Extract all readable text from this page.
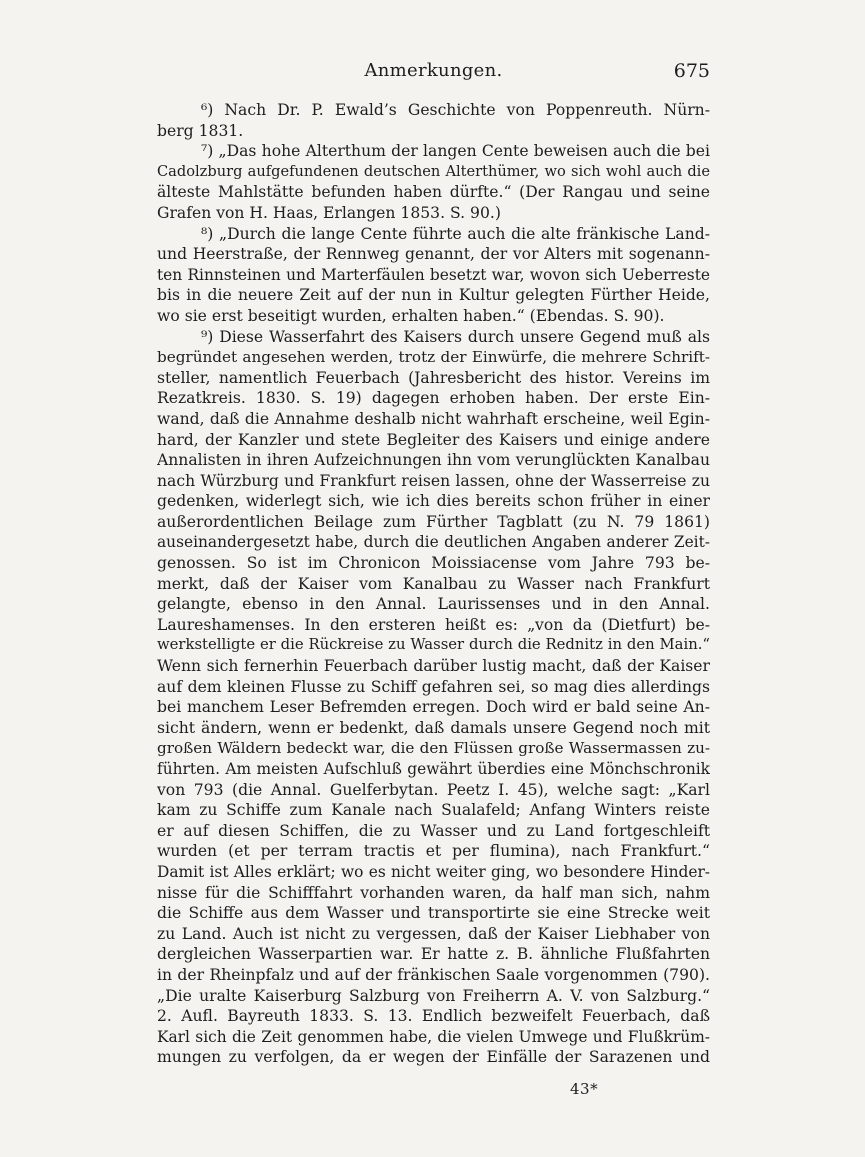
Anmerkungen.	675
⁶) Nach Dr. P. Ewald’s Geschichte von Poppenreuth. Nürn-
berg 1831.
⁷) „Das hohe Alterthum der langen Cente beweisen auch die bei
Cadolzburg aufgefundenen deutschen Alterthümer, wo sich wohl auch die
älteste Mahlstätte befunden haben dürfte.“ (Der Rangau und seine
Grafen von H. Haas, Erlangen 1853. S. 90.)
⁸) „Durch die lange Cente führte auch die alte fränkische Land-
und Heerstraße, der Rennweg genannt, der vor Alters mit sogenann-
ten Rinnsteinen und Marterfäulen besetzt war, wovon sich Ueberreste
bis in die neuere Zeit auf der nun in Kultur gelegten Fürther Heide,
wo sie erst beseitigt wurden, erhalten haben.“ (Ebendas. S. 90).
⁹) Diese Wasserfahrt des Kaisers durch unsere Gegend muß als
begründet angesehen werden, trotz der Einwürfe, die mehrere Schrift-
steller, namentlich Feuerbach (Jahresbericht des histor. Vereins im
Rezatkreis. 1830. S. 19) dagegen erhoben haben. Der erste Ein-
wand, daß die Annahme deshalb nicht wahrhaft erscheine, weil Egin-
hard, der Kanzler und stete Begleiter des Kaisers und einige andere
Annalisten in ihren Aufzeichnungen ihn vom verunglückten Kanalbau
nach Würzburg und Frankfurt reisen lassen, ohne der Wasserreise zu
gedenken, widerlegt sich, wie ich dies bereits schon früher in einer
außerordentlichen Beilage zum Fürther Tagblatt (zu N. 79 1861)
auseinandergesetzt habe, durch die deutlichen Angaben anderer Zeit-
genossen. So ist im Chronicon Moissiacense vom Jahre 793 be-
merkt, daß der Kaiser vom Kanalbau zu Wasser nach Frankfurt
gelangte, ebenso in den Annal. Laurissenses und in den Annal.
Laureshamenses. In den ersteren heißt es: „von da (Dietfurt) be-
werkstelligte er die Rückreise zu Wasser durch die Rednitz in den Main.“
Wenn sich fernerhin Feuerbach darüber lustig macht, daß der Kaiser
auf dem kleinen Flusse zu Schiff gefahren sei, so mag dies allerdings
bei manchem Leser Befremden erregen. Doch wird er bald seine An-
sicht ändern, wenn er bedenkt, daß damals unsere Gegend noch mit
großen Wäldern bedeckt war, die den Flüssen große Wassermassen zu-
führten. Am meisten Aufschluß gewährt überdies eine Mönchschronik
von 793 (die Annal. Guelferbytan. Peetz I. 45), welche sagt: „Karl
kam zu Schiffe zum Kanale nach Sualafeld; Anfang Winters reiste
er auf diesen Schiffen, die zu Wasser und zu Land fortgeschleift
wurden (et per terram tractis et per flumina), nach Frankfurt.“
Damit ist Alles erklärt; wo es nicht weiter ging, wo besondere Hinder-
nisse für die Schifffahrt vorhanden waren, da half man sich, nahm
die Schiffe aus dem Wasser und transportirte sie eine Strecke weit
zu Land. Auch ist nicht zu vergessen, daß der Kaiser Liebhaber von
dergleichen Wasserpartien war. Er hatte z. B. ähnliche Flußfahrten
in der Rheinpfalz und auf der fränkischen Saale vorgenommen (790).
„Die uralte Kaiserburg Salzburg von Freiherrn A. V. von Salzburg.“
2. Aufl. Bayreuth 1833. S. 13. Endlich bezweifelt Feuerbach, daß
Karl sich die Zeit genommen habe, die vielen Umwege und Flußkrüm-
mungen zu verfolgen, da er wegen der Einfälle der Sarazenen und
43*
